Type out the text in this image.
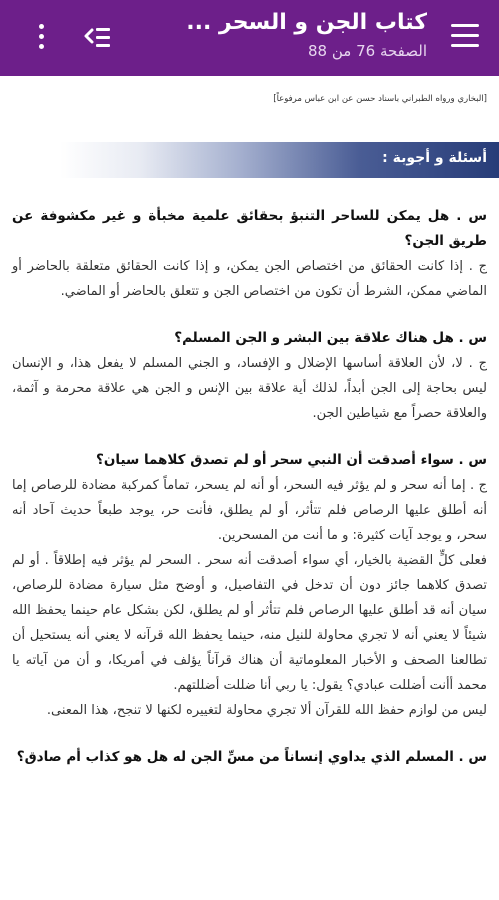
كتاب الجن و السحر ...
الصفحة 76 من 88
[البخاري ورواه الطبراني باسناد حسن عن ابن عباس مرفوعاً]
أسئلة و أجوبة :

س . هل يمكن للساحر التنبؤ بحقائق علمية مخبأة و غير مكشوفة عن طريق الجن؟

ج . إذا كانت الحقائق من اختصاص الجن يمكن، و إذا كانت الحقائق متعلقة بالحاضر أو الماضي ممكن، الشرط أن تكون من اختصاص الجن و تتعلق بالحاضر أو الماضي.

س . هل هناك علاقة بين البشر و الجن المسلم؟

ج . لا، لأن العلاقة أساسها الإضلال و الإفساد، و الجني المسلم لا يفعل هذا، و الإنسان ليس بحاجة إلى الجن أبداً، لذلك أية علاقة بين الإنس و الجن هي علاقة محرمة و آثمة، والعلاقة حصراً مع شياطين الجن.

س . سواء أصدقت أن النبي سحر أو لم تصدق كلاهما سيان؟

ج . إما أنه سحر و لم يؤثر فيه السحر، أو أنه لم يسحر، تماماً كمركبة مضادة للرصاص إما أنه أطلق عليها الرصاص فلم تتأثر، أو لم يطلق، فأنت حر، يوجد طبعاً حديث آحاد أنه سحر، و يوجد آيات كثيرة: و ما أنت من المسحرين.

فعلى كلٍّ القضية بالخيار، أي سواء أصدقت أنه سحر . السحر لم يؤثر فيه إطلاقاً . أو لم تصدق كلاهما جائز دون أن تدخل في التفاصيل، و أوضح مثل سيارة مضادة للرصاص، سيان أنه قد أطلق عليها الرصاص فلم تتأثر أو لم يطلق، لكن بشكل عام حينما يحفظ الله شيئاً لا يعني أنه لا تجري محاولة للنيل منه، حينما يحفظ الله قرآنه لا يعني أنه يستحيل أن تطالعنا الصحف و الأخبار المعلوماتية أن هناك قرآناً يؤلف في أمريكا، و أن من آياته يا محمد أأنت أضللت عبادي؟ يقول: يا ربي أنا ضللت أضللتهم.

ليس من لوازم حفظ الله للقرآن ألا تجري محاولة لتغييره لكنها لا تنجح، هذا المعنى.

س . المسلم الذي يداوي إنساناً من مسِّ الجن له هل هو كذاب أم صادق؟
